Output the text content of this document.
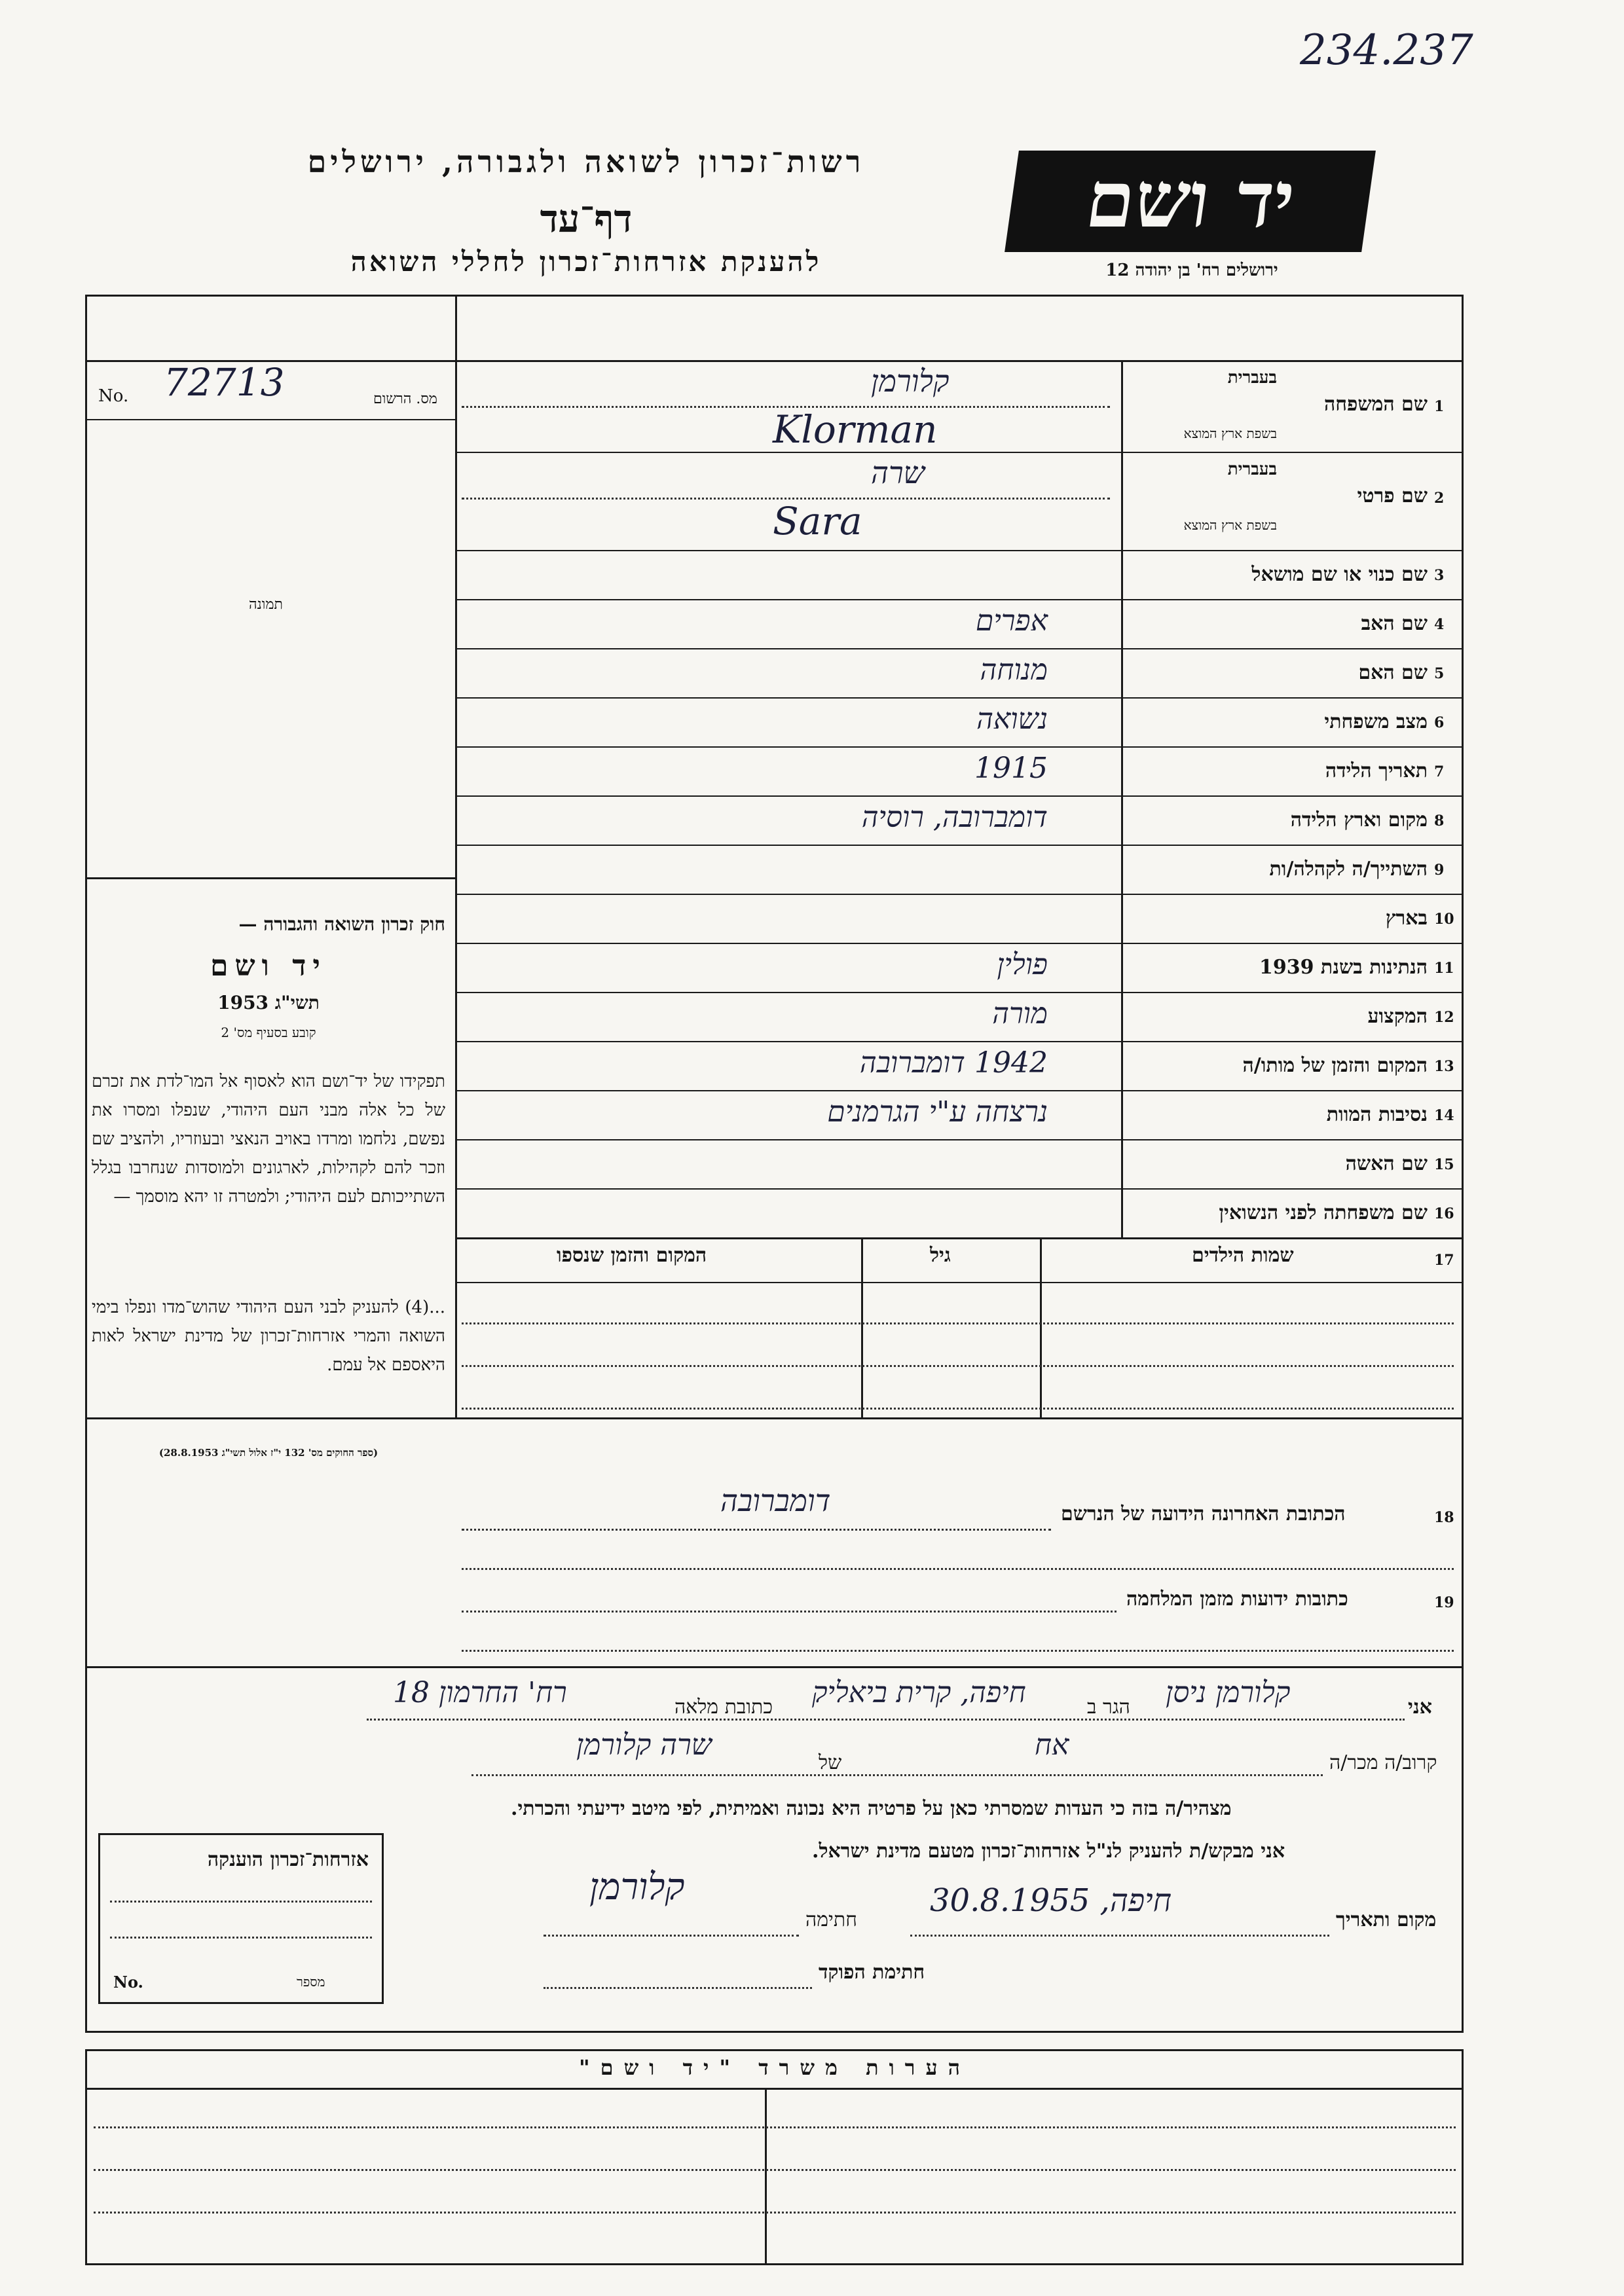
234.237
רשות־זכרון לשואה ולגבורה, ירושלים
דף־עד
להענקת אזרחות־זכרון לחללי השואה
יד ושם
ירושלים רח' בן יהודה 12
No. 72713	מס. הרשום
תמונה
חוק זכרון השואה והגבורה —
יד ושם
תשי"ג 1953
קובע בסעיף מס' 2
תפקידו של יד־ושם הוא לאסוף אל המו־לדת את זכרם של כל אלה מבני העם היהודי, שנפלו ומסרו את נפשם, נלחמו ומרדו באויב הנאצי ובעוזריו, ולהציב שם וזכר להם לקהילות, לארגונים ולמוסדות שנחרבו בגלל השתייכותם לעם היהודי; ולמטרה זו יהא מוסמך —
...(4) להעניק לבני העם היהודי שהוש־מדו ונפלו בימי השואה והמרי אזרחות־זכרון של מדינת ישראל לאות היאספם אל עמם.
(ספר החוקים מס' 132 י"ז אלול תשי"ג 28.8.1953)
1
שם המשפחה
בעברית
בשפת ארץ המוצא
קלורמן
Klorman
2
שם פרטי
בעברית
בשפת ארץ המוצא
שרה
Sara
3
שם כנוי או שם מושאל
4
שם האב
אפרים
5
שם האם
מנוחה
6
מצב משפחתי
נשואה
7
תאריך הלידה
1915
8
מקום וארץ הלידה
דומברובה, רוסיה
9
השתייך/ה לקהלה/ות
10
בארץ
11
הנתינות בשנת 1939
פולין
12
המקצוע
מורה
13
המקום והזמן של מותו/ה
1942 דומברובה
14
נסיבות המוות
נרצחה ע"י הגרמנים
15
שם האשה
16
שם משפחתה לפני הנשואין
17
שמות הילדים
גיל
המקום והזמן שנספו
18
הכתובת האחרונה הידועה של הנרשם
דומברובה
19
כתובות ידועות מזמן המלחמה
אני
קלורמן ניסן
הגר ב
חיפה, קרית ביאליק
כתובת מלאה
רח' החרמון 18
קרוב/ה מכר/ה
אח
של
שרה קלורמן
מצהיר/ה בזה כי העדות שמסרתי כאן על פרטיה היא נכונה ואמיתית, לפי מיטב ידיעתי והכרתי.
אני מבקש/ת להעניק לנ"ל אזרחות־זכרון מטעם מדינת ישראל.
מקום ותאריך
חיפה, 30.8.1955
חתימה
קלורמן
חתימת הפוקד
אזרחות־זכרון הוענקה
No.	מספר
הערות משרד "יד ושם"
